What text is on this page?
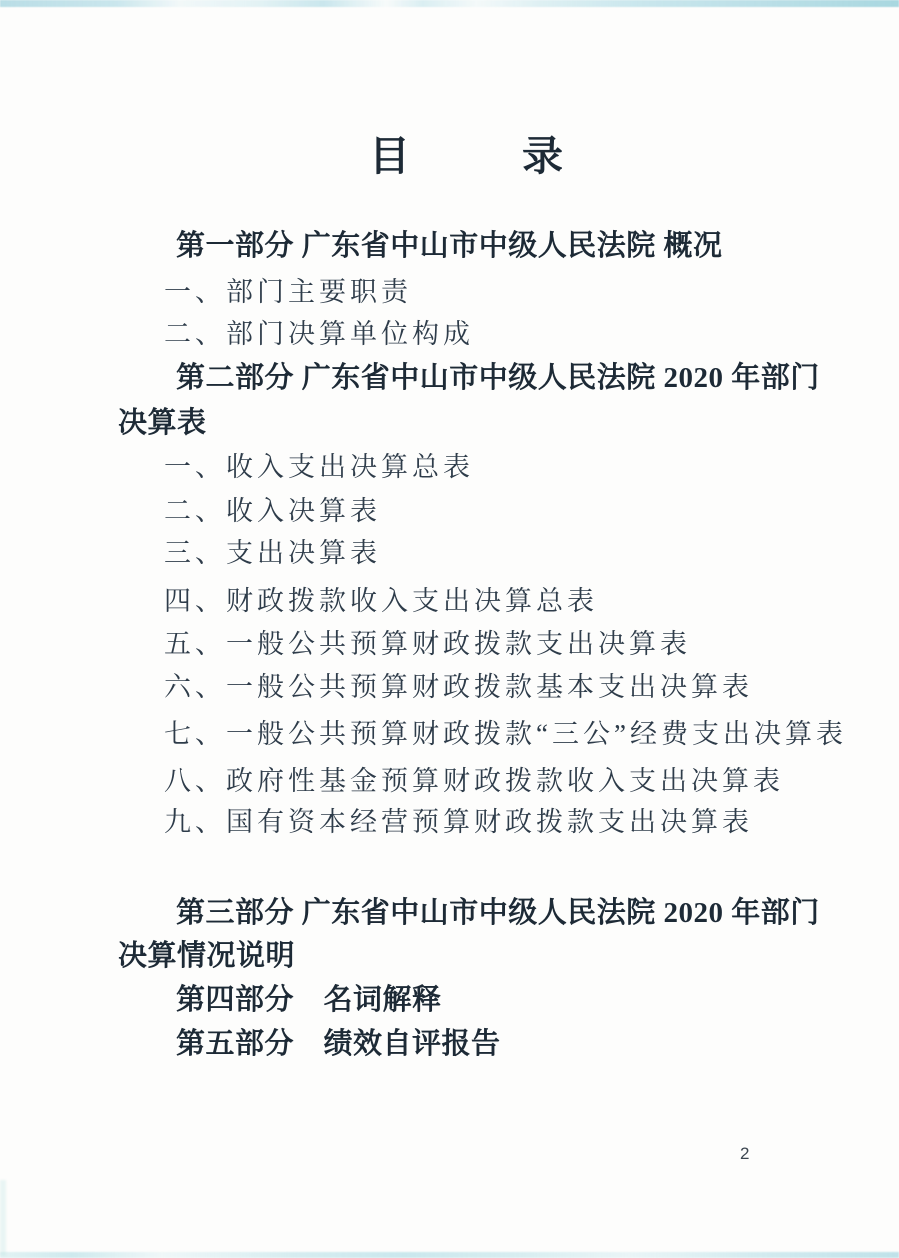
目	录
第一部分 广东省中山市中级人民法院 概况
一、部门主要职责
二、部门决算单位构成
第二部分 广东省中山市中级人民法院 2020 年部门
决算表
一、收入支出决算总表
二、收入决算表
三、支出决算表
四、财政拨款收入支出决算总表
五、一般公共预算财政拨款支出决算表
六、一般公共预算财政拨款基本支出决算表
七、一般公共预算财政拨款“三公”经费支出决算表
八、政府性基金预算财政拨款收入支出决算表
九、国有资本经营预算财政拨款支出决算表
第三部分 广东省中山市中级人民法院 2020 年部门
决算情况说明
第四部分　名词解释
第五部分　绩效自评报告
2
